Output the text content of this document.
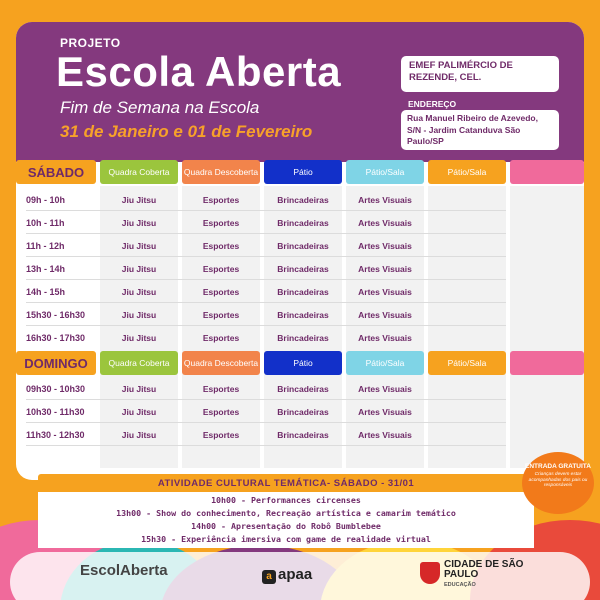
PROJETO
Escola Aberta
Fim de Semana na Escola
31 de Janeiro e 01 de Fevereiro
EMEF PALIMÉRCIO DE REZENDE, CEL.
ENDEREÇO
Rua Manuel Ribeiro de Azevedo, S/N - Jardim Catanduva São Paulo/SP
SÁBADO	Quadra Coberta	Quadra Descoberta	Pátio	Pátio/Sala	Pátio/Sala
09h - 10h	Jiu Jitsu	Esportes	Brincadeiras	Artes Visuais
10h - 11h	Jiu Jitsu	Esportes	Brincadeiras	Artes Visuais
11h - 12h	Jiu Jitsu	Esportes	Brincadeiras	Artes Visuais
13h - 14h	Jiu Jitsu	Esportes	Brincadeiras	Artes Visuais
14h - 15h	Jiu Jitsu	Esportes	Brincadeiras	Artes Visuais
15h30 - 16h30	Jiu Jitsu	Esportes	Brincadeiras	Artes Visuais
16h30 - 17h30	Jiu Jitsu	Esportes	Brincadeiras	Artes Visuais
DOMINGO	Quadra Coberta	Quadra Descoberta	Pátio	Pátio/Sala	Pátio/Sala
09h30 - 10h30	Jiu Jitsu	Esportes	Brincadeiras	Artes Visuais
10h30 - 11h30	Jiu Jitsu	Esportes	Brincadeiras	Artes Visuais
11h30 - 12h30	Jiu Jitsu	Esportes	Brincadeiras	Artes Visuais
ATIVIDADE CULTURAL TEMÁTICA- SÁBADO - 31/01
10h00 - Performances circenses
13h00 - Show do conhecimento, Recreação artística e camarim temático
14h00 - Apresentação do Robô Bumblebee
15h30 - Experiência imersiva com game de realidade virtual
ENTRADA GRATUITA
Crianças devem estar acompanhadas dos pais ou responsáveis
EscolAberta	a apaa
CIDADE DE SÃO PAULO
EDUCAÇÃO
